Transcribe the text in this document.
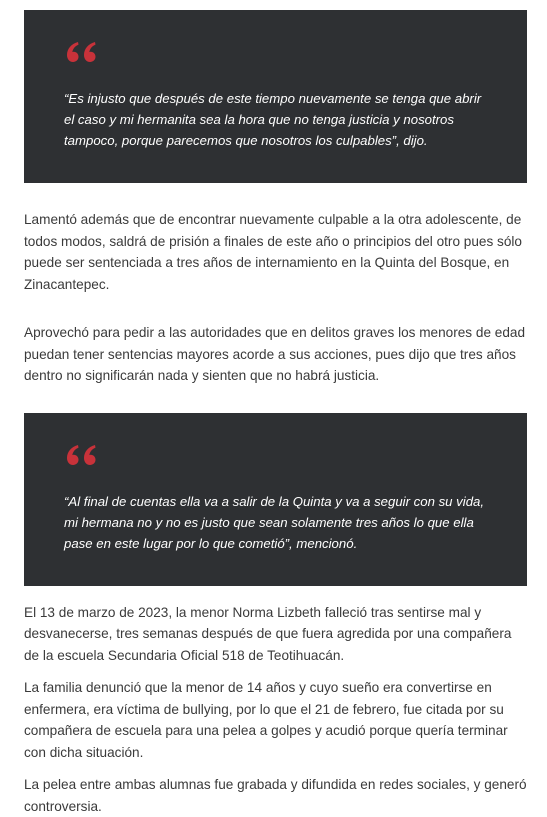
“Es injusto que después de este tiempo nuevamente se tenga que abrir el caso y mi hermanita sea la hora que no tenga justicia y nosotros tampoco, porque parecemos que nosotros los culpables”, dijo.

Lamentó además que de encontrar nuevamente culpable a la otra adolescente, de todos modos, saldrá de prisión a finales de este año o principios del otro pues sólo puede ser sentenciada a tres años de internamiento en la Quinta del Bosque, en Zinacantepec.

Aprovechó para pedir a las autoridades que en delitos graves los menores de edad puedan tener sentencias mayores acorde a sus acciones, pues dijo que tres años dentro no significarán nada y sienten que no habrá justicia.

“Al final de cuentas ella va a salir de la Quinta y va a seguir con su vida, mi hermana no y no es justo que sean solamente tres años lo que ella pase en este lugar por lo que cometió”, mencionó.

El 13 de marzo de 2023, la menor Norma Lizbeth falleció tras sentirse mal y desvanecerse, tres semanas después de que fuera agredida por una compañera de la escuela Secundaria Oficial 518 de Teotihuacán.

La familia denunció que la menor de 14 años y cuyo sueño era convertirse en enfermera, era víctima de bullying, por lo que el 21 de febrero, fue citada por su compañera de escuela para una pelea a golpes y acudió porque quería terminar con dicha situación.

La pelea entre ambas alumnas fue grabada y difundida en redes sociales, y generó controversia.
